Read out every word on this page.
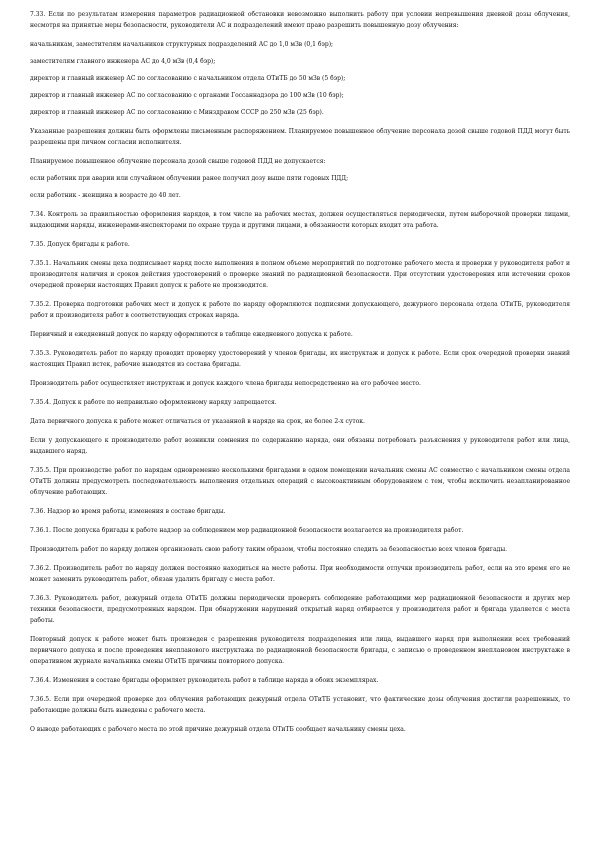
7.33. Если по результатам измерения параметров радиационной обстановки невозможно выполнить работу при условии непревышения дневной дозы облучения, несмотря на принятые меры безопасности, руководители АС и подразделений имеют право разрешить повышенную дозу облучения:

начальникам, заместителям начальников структурных подразделений АС до 1,0 мЗв (0,1 бэр);

заместителям главного инженера АС до 4,0 мЗв (0,4 бэр);

директор и главный инженер АС по согласованию с начальником отдела ОТиТБ до 50 мЗв (5 бэр);

директор и главный инженер АС по согласованию с органами Госсаннадзора до 100 мЗв (10 бэр);

директор и главный инженер АС по согласованию с Минздравом СССР до 250 мЗв (25 бэр).

Указанные разрешения должны быть оформлены письменным распоряжением. Планируемое повышенное облучение персонала дозой свыше годовой ПДД могут быть разрешены при личном согласии исполнителя.

Планируемое повышенное облучение персонала дозой свыше годовой ПДД не допускается:

если работник при аварии или случайном облучении ранее получил дозу выше пяти годовых ПДД;

если работник - женщина в возрасте до 40 лет.

7.34. Контроль за правильностью оформления нарядов, в том числе на рабочих местах, должен осуществляться периодически, путем выборочной проверки лицами, выдающими наряды, инженерами-инспекторами по охране труда и другими лицами, в обязанности которых входит эта работа.

7.35. Допуск бригады к работе.

7.35.1. Начальник смены цеха подписывает наряд после выполнения в полном объеме мероприятий по подготовке рабочего места и проверки у руководителя работ и производителя наличия и сроков действия удостоверений о проверке знаний по радиационной безопасности. При отсутствии удостоверения или истечении сроков очередной проверки настоящих Правил допуск к работе не производится.

7.35.2. Проверка подготовки рабочих мест и допуск к работе по наряду оформляются подписями допускающего, дежурного персонала отдела ОТиТБ, руководителя работ и производителя работ в соответствующих строках наряда.

Первичный и ежедневный допуск по наряду оформляются в таблице ежедневного допуска к работе.

7.35.3. Руководитель работ по наряду проводит проверку удостоверений у членов бригады, их инструктаж и допуск к работе. Если срок очередной проверки знаний настоящих Правил истек, рабочие выводятся из состава бригады.

Производитель работ осуществляет инструктаж и допуск каждого члена бригады непосредственно на его рабочее место.

7.35.4. Допуск к работе по неправильно оформленному наряду запрещается.

Дата первичного допуска к работе может отличаться от указанной в наряде на срок, не более 2-х суток.

Если у допускающего к производителю работ возникли сомнения по содержанию наряда, они обязаны потребовать разъяснения у руководителя работ или лица, выдавшего наряд.

7.35.5. При производстве работ по нарядам одновременно несколькими бригадами в одном помещении начальник смены АС совместно с начальником смены отдела ОТиТБ должны предусмотреть последовательность выполнения отдельных операций с высокоактивным оборудованием с тем, чтобы исключить незапланированное облучение работающих.

7.36. Надзор во время работы, изменения в составе бригады.

7.36.1. После допуска бригады к работе надзор за соблюдением мер радиационной безопасности возлагается на производителя работ.

Производитель работ по наряду должен организовать свою работу таким образом, чтобы постоянно следить за безопасностью всех членов бригады.

7.36.2. Производитель работ по наряду должен постоянно находиться на месте работы. При необходимости отлучки производитель работ, если на это время его не может заменить руководитель работ, обязан удалить бригаду с места работ.

7.36.3. Руководитель работ, дежурный отдела ОТиТБ должны периодически проверять соблюдение работающими мер радиационной безопасности и других мер техники безопасности, предусмотренных нарядом. При обнаружении нарушений открытый наряд отбирается у производителя работ и бригада удаляется с места работы.

Повторный допуск к работе может быть произведен с разрешения руководителя подразделения или лица, выдавшего наряд при выполнении всех требований первичного допуска и после проведения внепланового инструктажа по радиационной безопасности бригады, с записью о проведенном внеплановом инструктаже в оперативном журнале начальника смены ОТиТБ причины повторного допуска.

7.36.4. Изменения в составе бригады оформляет руководитель работ в таблице наряда в обоих экземплярах.

7.36.5. Если при очередной проверке доз облучения работающих дежурный отдела ОТиТБ установит, что фактические дозы облучения достигли разрешенных, то работающие должны быть выведены с рабочего места.

О выводе работающих с рабочего места по этой причине дежурный отдела ОТиТБ сообщает начальнику смены цеха.
